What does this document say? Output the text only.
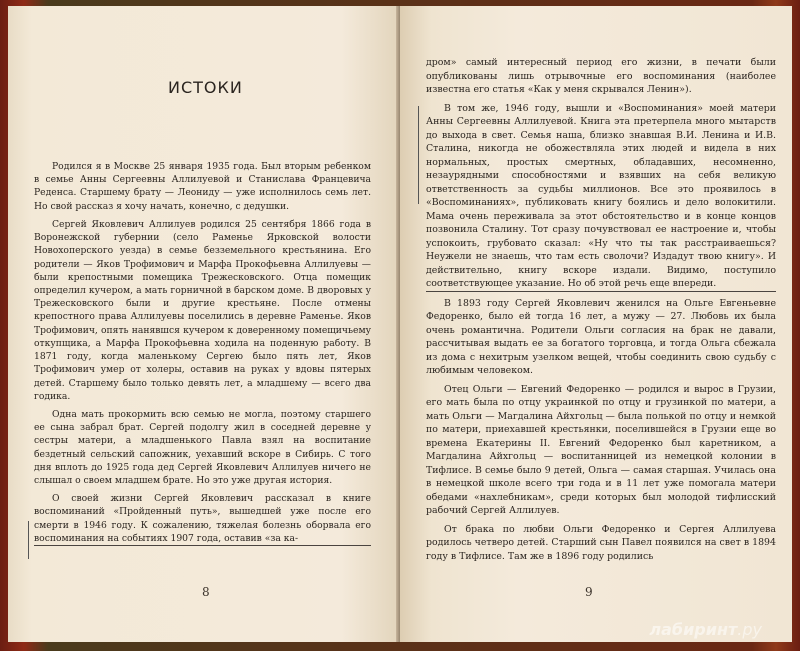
ИСТОКИ

Родился я в Москве 25 января 1935 года. Был вторым ребенком в семье Анны Сергеевны Аллилуевой и Станислава Францевича Реденса. Старшему брату — Леониду — уже исполнилось семь лет. Но свой рассказ я хочу начать, конечно, с дедушки.

Сергей Яковлевич Аллилуев родился 25 сентября 1866 года в Воронежской губернии (село Раменье Ярковской волости Новохоперского уезда) в семье безземельного крестьянина. Его родители — Яков Трофимович и Марфа Прокофьевна Аллилуевы — были крепостными помещика Трежесковского. Отца помещик определил кучером, а мать горничной в барском доме. В дворовых у Трежесковского были и другие крестьяне. После отмены крепостного права Аллилуевы поселились в деревне Раменье. Яков Трофимович, опять нанявшся кучером к доверенному помещичьему откупщика, а Марфа Прокофьевна ходила на поденную работу. В 1871 году, когда маленькому Сергею было пять лет, Яков Трофимович умер от холеры, оставив на руках у вдовы пятерых детей. Старшему было только девять лет, а младшему — всего два годика.

Одна мать прокормить всю семью не могла, поэтому старшего ее сына забрал брат. Сергей подолгу жил в соседней деревне у сестры матери, а младшенького Павла взял на воспитание бездетный сельский сапожник, уехавший вскоре в Сибирь. С того дня вплоть до 1925 года дед Сергей Яковлевич Аллилуев ничего не слышал о своем младшем брате. Но это уже другая история.

О своей жизни Сергей Яковлевич рассказал в книге воспоминаний «Пройденный путь», вышедшей уже после его смерти в 1946 году. К сожалению, тяжелая болезнь оборвала его воспоминания на событиях 1907 года, оставив «за ка-

8

дром» самый интересный период его жизни, в печати были опубликованы лишь отрывочные его воспоминания (наиболее известна его статья «Как у меня скрывался Ленин»).

В том же, 1946 году, вышли и «Воспоминания» моей матери Анны Сергеевны Аллилуевой. Книга эта претерпела много мытарств до выхода в свет. Семья наша, близко знавшая В.И. Ленина и И.В. Сталина, никогда не обожествляла этих людей и видела в них нормальных, простых смертных, обладавших, несомненно, незаурядными способностями и взявших на себя великую ответственность за судьбы миллионов. Все это проявилось в «Воспоминаниях», публиковать книгу боялись и дело волокитили. Мама очень переживала за этот обстоятельство и в конце концов позвонила Сталину. Тот сразу почувствовал ее настроение и, чтобы успокоить, грубовато сказал: «Ну что ты так расстраиваешься? Неужели не знаешь, что там есть сволочи? Издадут твою книгу». И действительно, книгу вскоре издали. Видимо, поступило соответствующее указание. Но об этой речь еще впереди.

В 1893 году Сергей Яковлевич женился на Ольге Евгеньевне Федоренко, было ей тогда 16 лет, а мужу — 27. Любовь их была очень романтична. Родители Ольги согласия на брак не давали, рассчитывая выдать ее за богатого торговца, и тогда Ольга сбежала из дома с нехитрым узелком вещей, чтобы соединить свою судьбу с любимым человеком.

Отец Ольги — Евгений Федоренко — родился и вырос в Грузии, его мать была по отцу украинкой по отцу и грузинкой по матери, а мать Ольги — Магдалина Айхгольц — была полькой по отцу и немкой по матери, приехавшей крестьянки, поселившейся в Грузии еще во времена Екатерины II. Евгений Федоренко был каретником, а Магдалина Айхгольц — воспитанницей из немецкой колонии в Тифлисе. В семье было 9 детей, Ольга — самая старшая. Училась она в немецкой школе всего три года и в 11 лет уже помогала матери обедами «нахлебникам», среди которых был молодой тифлисский рабочий Сергей Аллилуев.

От брака по любви Ольги Федоренко и Сергея Аллилуева родилось четверо детей. Старший сын Павел появился на свет в 1894 году в Тифлисе. Там же в 1896 году родились

9
лабиринт.ру
